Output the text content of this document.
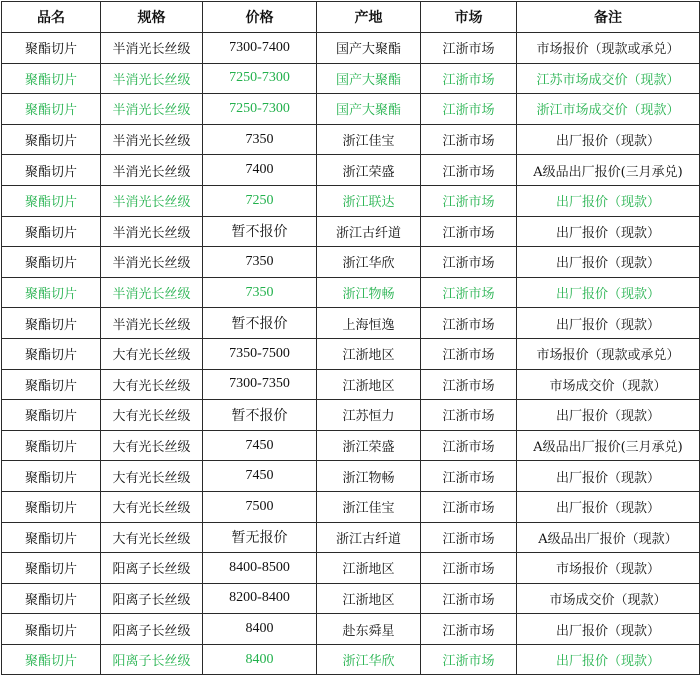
品名	规格	价格	产地	市场	备注
聚酯切片	半消光长丝级	7300-7400	国产大聚酯	江浙市场	市场报价（现款或承兑）
聚酯切片	半消光长丝级	7250-7300	国产大聚酯	江浙市场	江苏市场成交价（现款）
聚酯切片	半消光长丝级	7250-7300	国产大聚酯	江浙市场	浙江市场成交价（现款）
聚酯切片	半消光长丝级	7350	浙江佳宝	江浙市场	出厂报价（现款）
聚酯切片	半消光长丝级	7400	浙江荣盛	江浙市场	A级品出厂报价(三月承兑)
聚酯切片	半消光长丝级	7250	浙江联达	江浙市场	出厂报价（现款）
聚酯切片	半消光长丝级	暂不报价	浙江古纤道	江浙市场	出厂报价（现款）
聚酯切片	半消光长丝级	7350	浙江华欣	江浙市场	出厂报价（现款）
聚酯切片	半消光长丝级	7350	浙江物畅	江浙市场	出厂报价（现款）
聚酯切片	半消光长丝级	暂不报价	上海恒逸	江浙市场	出厂报价（现款）
聚酯切片	大有光长丝级	7350-7500	江浙地区	江浙市场	市场报价（现款或承兑）
聚酯切片	大有光长丝级	7300-7350	江浙地区	江浙市场	市场成交价（现款）
聚酯切片	大有光长丝级	暂不报价	江苏恒力	江浙市场	出厂报价（现款）
聚酯切片	大有光长丝级	7450	浙江荣盛	江浙市场	A级品出厂报价(三月承兑)
聚酯切片	大有光长丝级	7450	浙江物畅	江浙市场	出厂报价（现款）
聚酯切片	大有光长丝级	7500	浙江佳宝	江浙市场	出厂报价（现款）
聚酯切片	大有光长丝级	暂无报价	浙江古纤道	江浙市场	A级品出厂报价（现款）
聚酯切片	阳离子长丝级	8400-8500	江浙地区	江浙市场	市场报价（现款）
聚酯切片	阳离子长丝级	8200-8400	江浙地区	江浙市场	市场成交价（现款）
聚酯切片	阳离子长丝级	8400	赴东舜星	江浙市场	出厂报价（现款）
聚酯切片	阳离子长丝级	8400	浙江华欣	江浙市场	出厂报价（现款）
